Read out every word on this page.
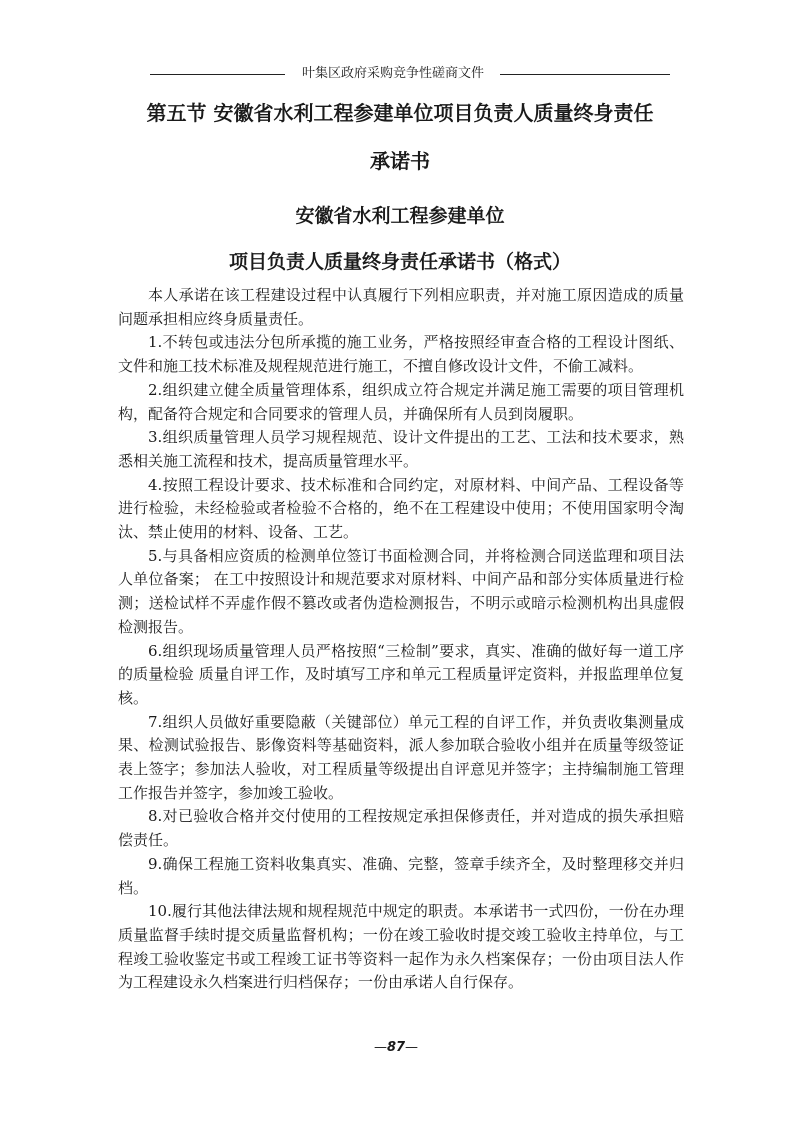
叶集区政府采购竞争性磋商文件
第五节 安徽省水利工程参建单位项目负责人质量终身责任
承诺书
安徽省水利工程参建单位
项目负责人质量终身责任承诺书（格式）

本人承诺在该工程建设过程中认真履行下列相应职责，并对施工原因造成的质量问题承担相应终身质量责任。

1.不转包或违法分包所承揽的施工业务，严格按照经审查合格的工程设计图纸、文件和施工技术标准及规程规范进行施工，不擅自修改设计文件，不偷工减料。

2.组织建立健全质量管理体系，组织成立符合规定并满足施工需要的项目管理机构，配备符合规定和合同要求的管理人员，并确保所有人员到岗履职。

3.组织质量管理人员学习规程规范、设计文件提出的工艺、工法和技术要求，熟悉相关施工流程和技术，提高质量管理水平。

4.按照工程设计要求、技术标准和合同约定，对原材料、中间产品、工程设备等进行检验，未经检验或者检验不合格的，绝不在工程建设中使用；不使用国家明令淘汰、禁止使用的材料、设备、工艺。

5.与具备相应资质的检测单位签订书面检测合同，并将检测合同送监理和项目法人单位备案； 在工中按照设计和规范要求对原材料、中间产品和部分实体质量进行检测；送检试样不弄虚作假不篡改或者伪造检测报告，不明示或暗示检测机构出具虚假检测报告。

6.组织现场质量管理人员严格按照“三检制”要求，真实、准确的做好每一道工序的质量检验 质量自评工作，及时填写工序和单元工程质量评定资料，并报监理单位复核。

7.组织人员做好重要隐蔽（关键部位）单元工程的自评工作，并负责收集测量成果、检测试验报告、影像资料等基础资料，派人参加联合验收小组并在质量等级签证表上签字；参加法人验收，对工程质量等级提出自评意见并签字；主持编制施工管理工作报告并签字，参加竣工验收。

8.对已验收合格并交付使用的工程按规定承担保修责任，并对造成的损失承担赔偿责任。

9.确保工程施工资料收集真实、准确、完整，签章手续齐全，及时整理移交并归档。

10.履行其他法律法规和规程规范中规定的职责。本承诺书一式四份，一份在办理质量监督手续时提交质量监督机构；一份在竣工验收时提交竣工验收主持单位，与工程竣工验收鉴定书或工程竣工证书等资料一起作为永久档案保存；一份由项目法人作为工程建设永久档案进行归档保存；一份由承诺人自行保存。

—87—
